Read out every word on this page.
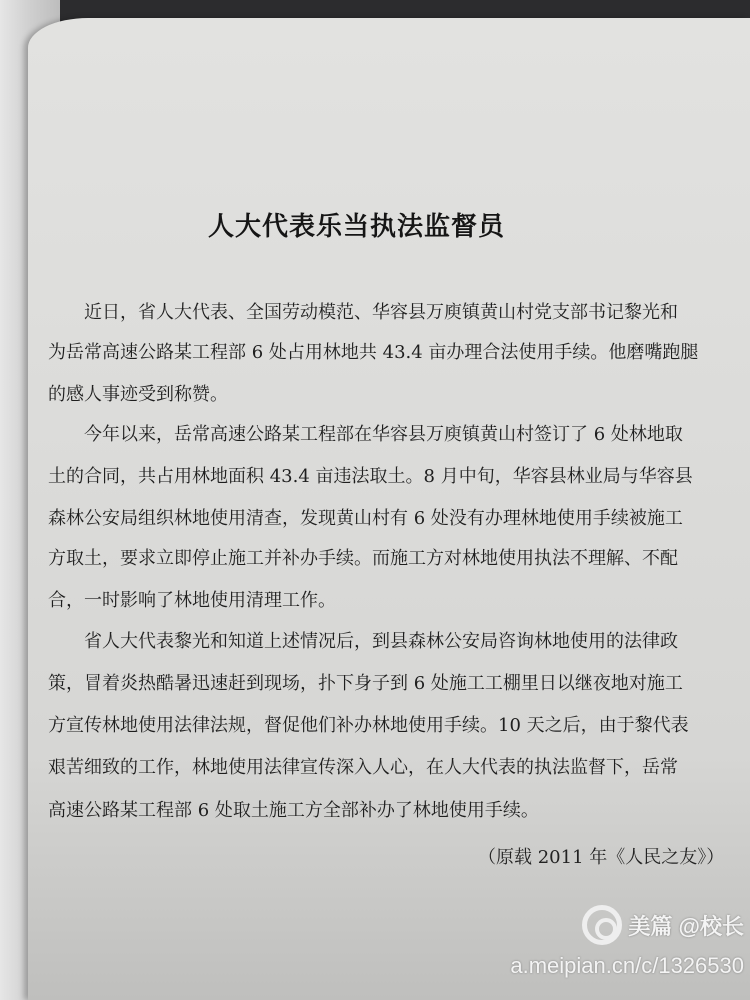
人大代表乐当执法监督员
近日，省人大代表、全国劳动模范、华容县万庾镇黄山村党支部书记黎光和
为岳常高速公路某工程部 6 处占用林地共 43.4 亩办理合法使用手续。他磨嘴跑腿
的感人事迹受到称赞。
今年以来，岳常高速公路某工程部在华容县万庾镇黄山村签订了 6 处林地取
土的合同，共占用林地面积 43.4 亩违法取土。8 月中旬，华容县林业局与华容县
森林公安局组织林地使用清查，发现黄山村有 6 处没有办理林地使用手续被施工
方取土，要求立即停止施工并补办手续。而施工方对林地使用执法不理解、不配
合，一时影响了林地使用清理工作。
省人大代表黎光和知道上述情况后，到县森林公安局咨询林地使用的法律政
策，冒着炎热酷暑迅速赶到现场，扑下身子到 6 处施工工棚里日以继夜地对施工
方宣传林地使用法律法规，督促他们补办林地使用手续。10 天之后，由于黎代表
艰苦细致的工作，林地使用法律宣传深入人心，在人大代表的执法监督下，岳常
高速公路某工程部 6 处取土施工方全部补办了林地使用手续。
（原载 2011 年《人民之友》）
美篇 @校长
a.meipian.cn/c/1326530
